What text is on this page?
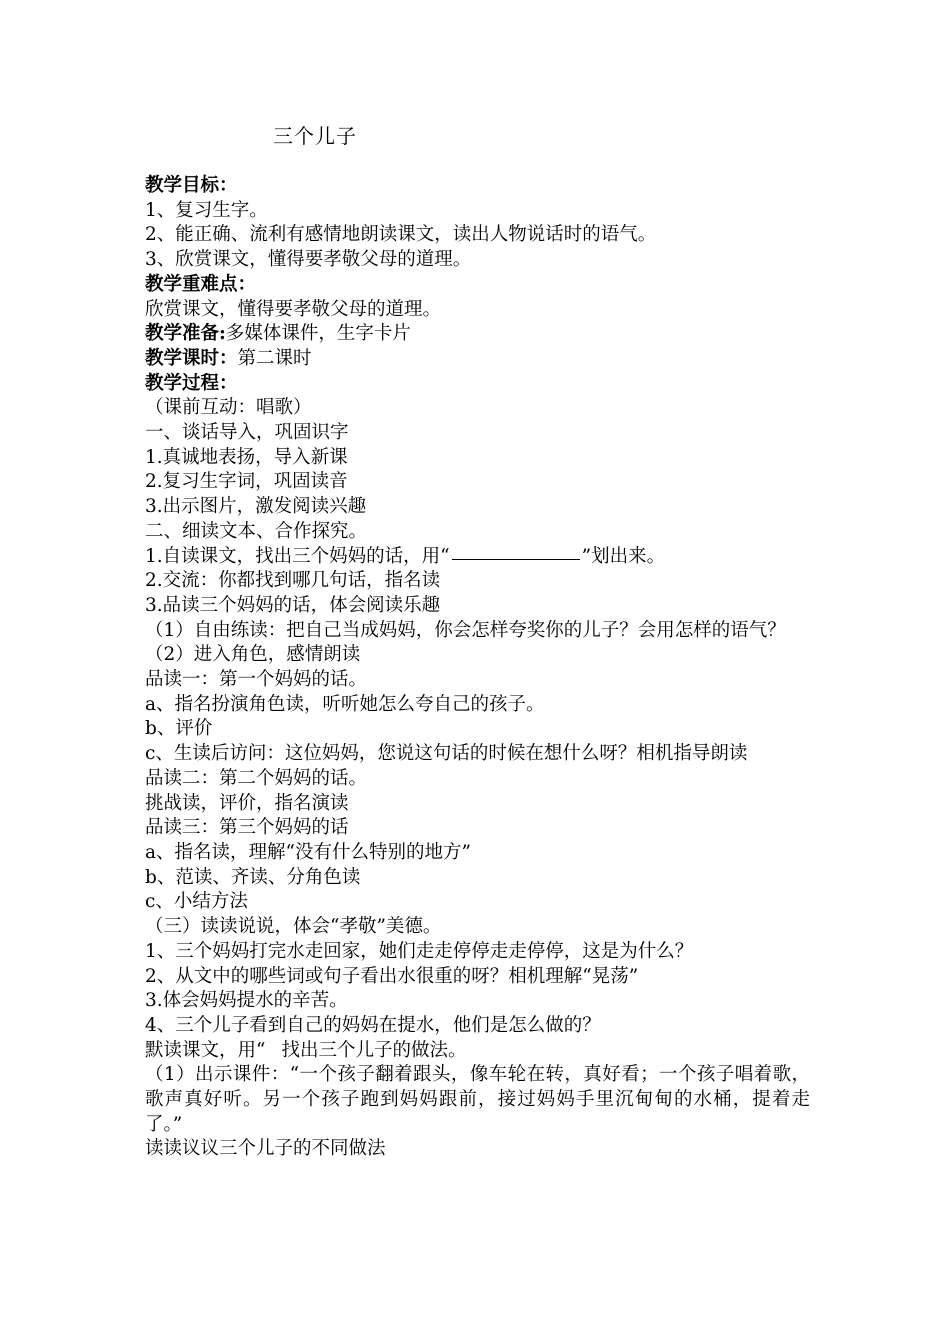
三个儿子
教学目标：
1、复习生字。
2、能正确、流利有感情地朗读课文，读出人物说话时的语气。
3、欣赏课文，懂得要孝敬父母的道理。
教学重难点：
欣赏课文，懂得要孝敬父母的道理。
教学准备:多媒体课件，生字卡片
教学课时：第二课时
教学过程：
（课前互动：唱歌）
一、谈话导入，巩固识字
1.真诚地表扬，导入新课
2.复习生字词，巩固读音
3.出示图片，激发阅读兴趣
二、细读文本、合作探究。
1.自读课文，找出三个妈妈的话，用“	”划出来。
2.交流：你都找到哪几句话，指名读
3.品读三个妈妈的话，体会阅读乐趣
（1）自由练读：把自己当成妈妈，你会怎样夸奖你的儿子？会用怎样的语气？
（2）进入角色，感情朗读
品读一：第一个妈妈的话。
a、指名扮演角色读，听听她怎么夸自己的孩子。
b、评价
c、生读后访问：这位妈妈，您说这句话的时候在想什么呀？相机指导朗读
品读二：第二个妈妈的话。
挑战读，评价，指名演读
品读三：第三个妈妈的话
a、指名读，理解“没有什么特别的地方”
b、范读、齐读、分角色读
c、小结方法
（三）读读说说，体会“孝敬”美德。
1、三个妈妈打完水走回家，她们走走停停走走停停，这是为什么？
2、从文中的哪些词或句子看出水很重的呀？相机理解“晃荡”
3.体会妈妈提水的辛苦。
4、三个儿子看到自己的妈妈在提水，他们是怎么做的？
默读课文，用“ 找出三个儿子的做法。
（1）出示课件：“一个孩子翻着跟头，像车轮在转，真好看；一个孩子唱着歌，歌声真好听。另一个孩子跑到妈妈跟前，接过妈妈手里沉甸甸的水桶，提着走了。”
读读议议三个儿子的不同做法
